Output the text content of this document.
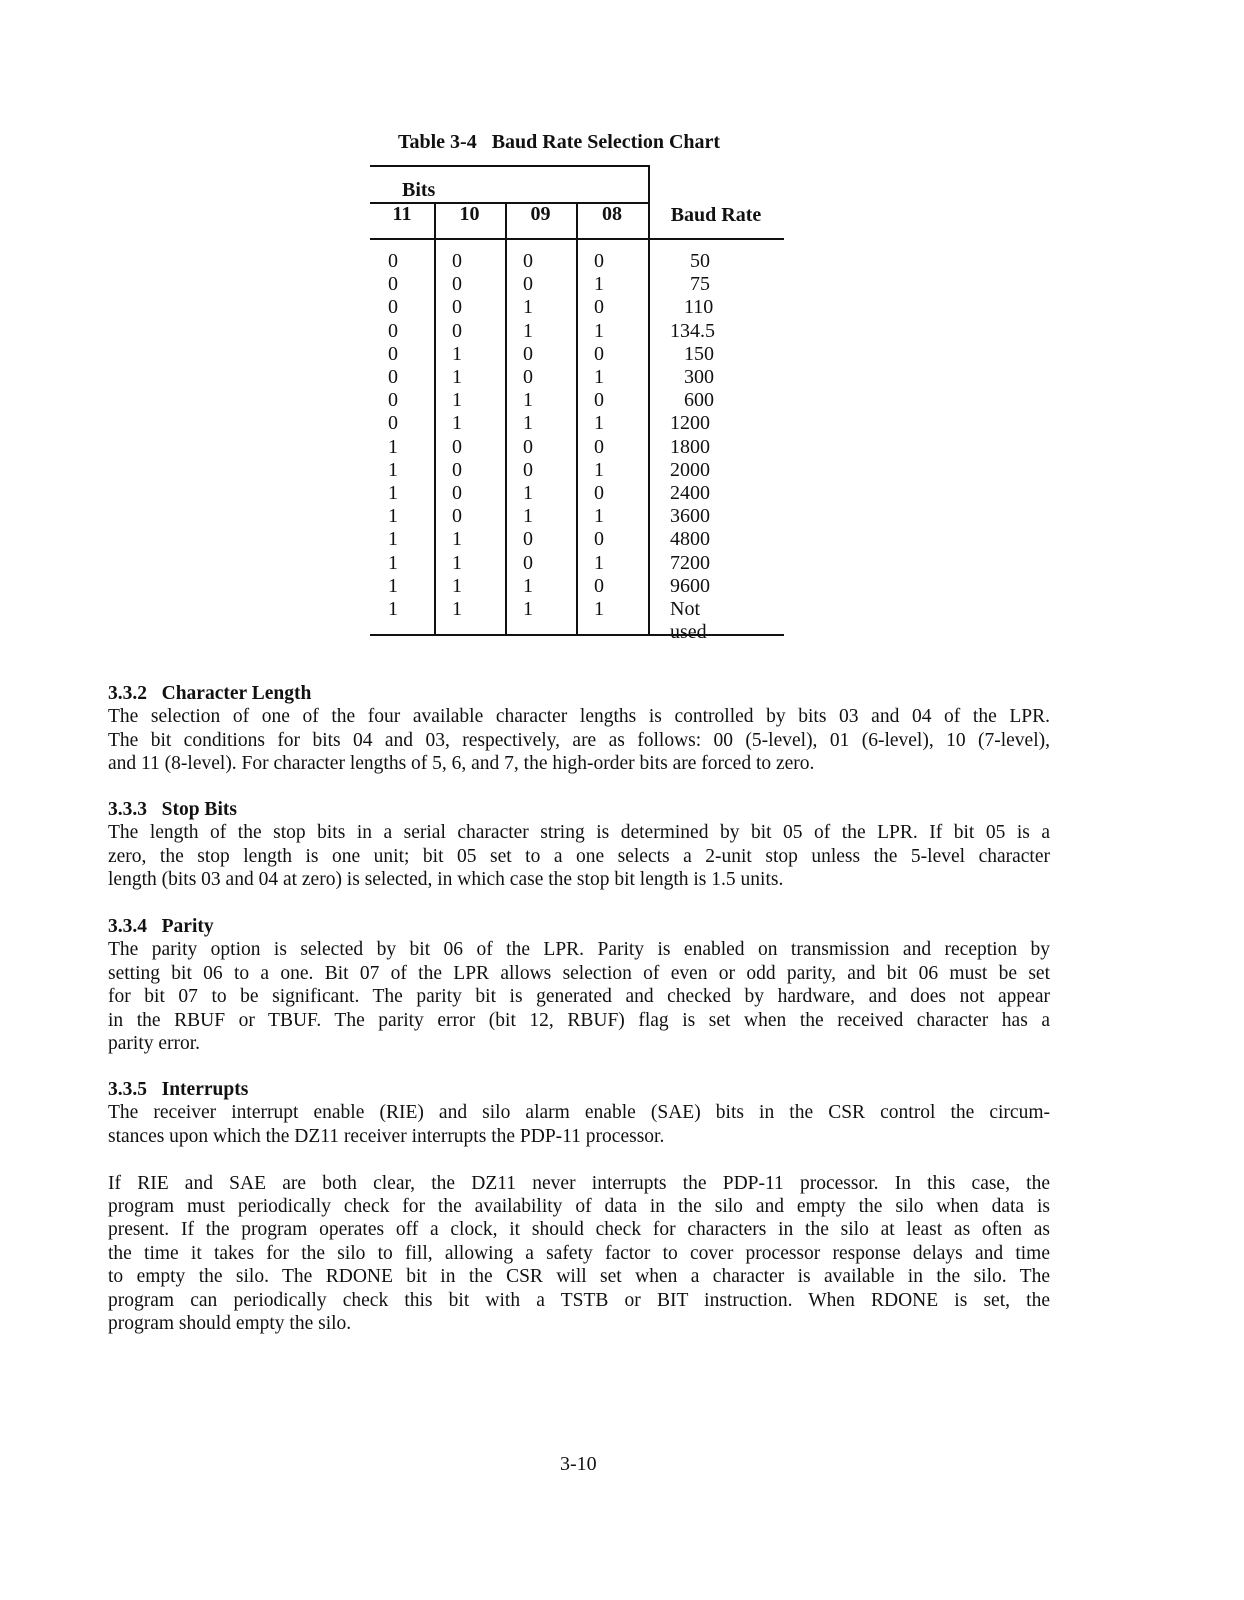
Table 3-4   Baud Rate Selection Chart
Bits
11	10	09	08	Baud Rate
0	0	0	0	50
0	0	0	1	75
0	0	1	0	110
0	0	1	1	134.5
0	1	0	0	150
0	1	0	1	300
0	1	1	0	600
0	1	1	1	1200
1	0	0	0	1800
1	0	0	1	2000
1	0	1	0	2400
1	0	1	1	3600
1	1	0	0	4800
1	1	0	1	7200
1	1	1	0	9600
1	1	1	1	Not used
3.3.2   Character Length
The selection of one of the four available character lengths is controlled by bits 03 and 04 of the LPR.
The bit conditions for bits 04 and 03, respectively, are as follows: 00 (5-level), 01 (6-level), 10 (7-level),
and 11 (8-level). For character lengths of 5, 6, and 7, the high-order bits are forced to zero.
3.3.3   Stop Bits
The length of the stop bits in a serial character string is determined by bit 05 of the LPR. If bit 05 is a
zero, the stop length is one unit; bit 05 set to a one selects a 2-unit stop unless the 5-level character
length (bits 03 and 04 at zero) is selected, in which case the stop bit length is 1.5 units.
3.3.4   Parity
The parity option is selected by bit 06 of the LPR. Parity is enabled on transmission and reception by
setting bit 06 to a one. Bit 07 of the LPR allows selection of even or odd parity, and bit 06 must be set
for bit 07 to be significant. The parity bit is generated and checked by hardware, and does not appear
in the RBUF or TBUF. The parity error (bit 12, RBUF) flag is set when the received character has a
parity error.
3.3.5   Interrupts
The receiver interrupt enable (RIE) and silo alarm enable (SAE) bits in the CSR control the circum-
stances upon which the DZ11 receiver interrupts the PDP-11 processor.
If RIE and SAE are both clear, the DZ11 never interrupts the PDP-11 processor. In this case, the
program must periodically check for the availability of data in the silo and empty the silo when data is
present. If the program operates off a clock, it should check for characters in the silo at least as often as
the time it takes for the silo to fill, allowing a safety factor to cover processor response delays and time
to empty the silo. The RDONE bit in the CSR will set when a character is available in the silo. The
program can periodically check this bit with a TSTB or BIT instruction. When RDONE is set, the
program should empty the silo.
3-10
